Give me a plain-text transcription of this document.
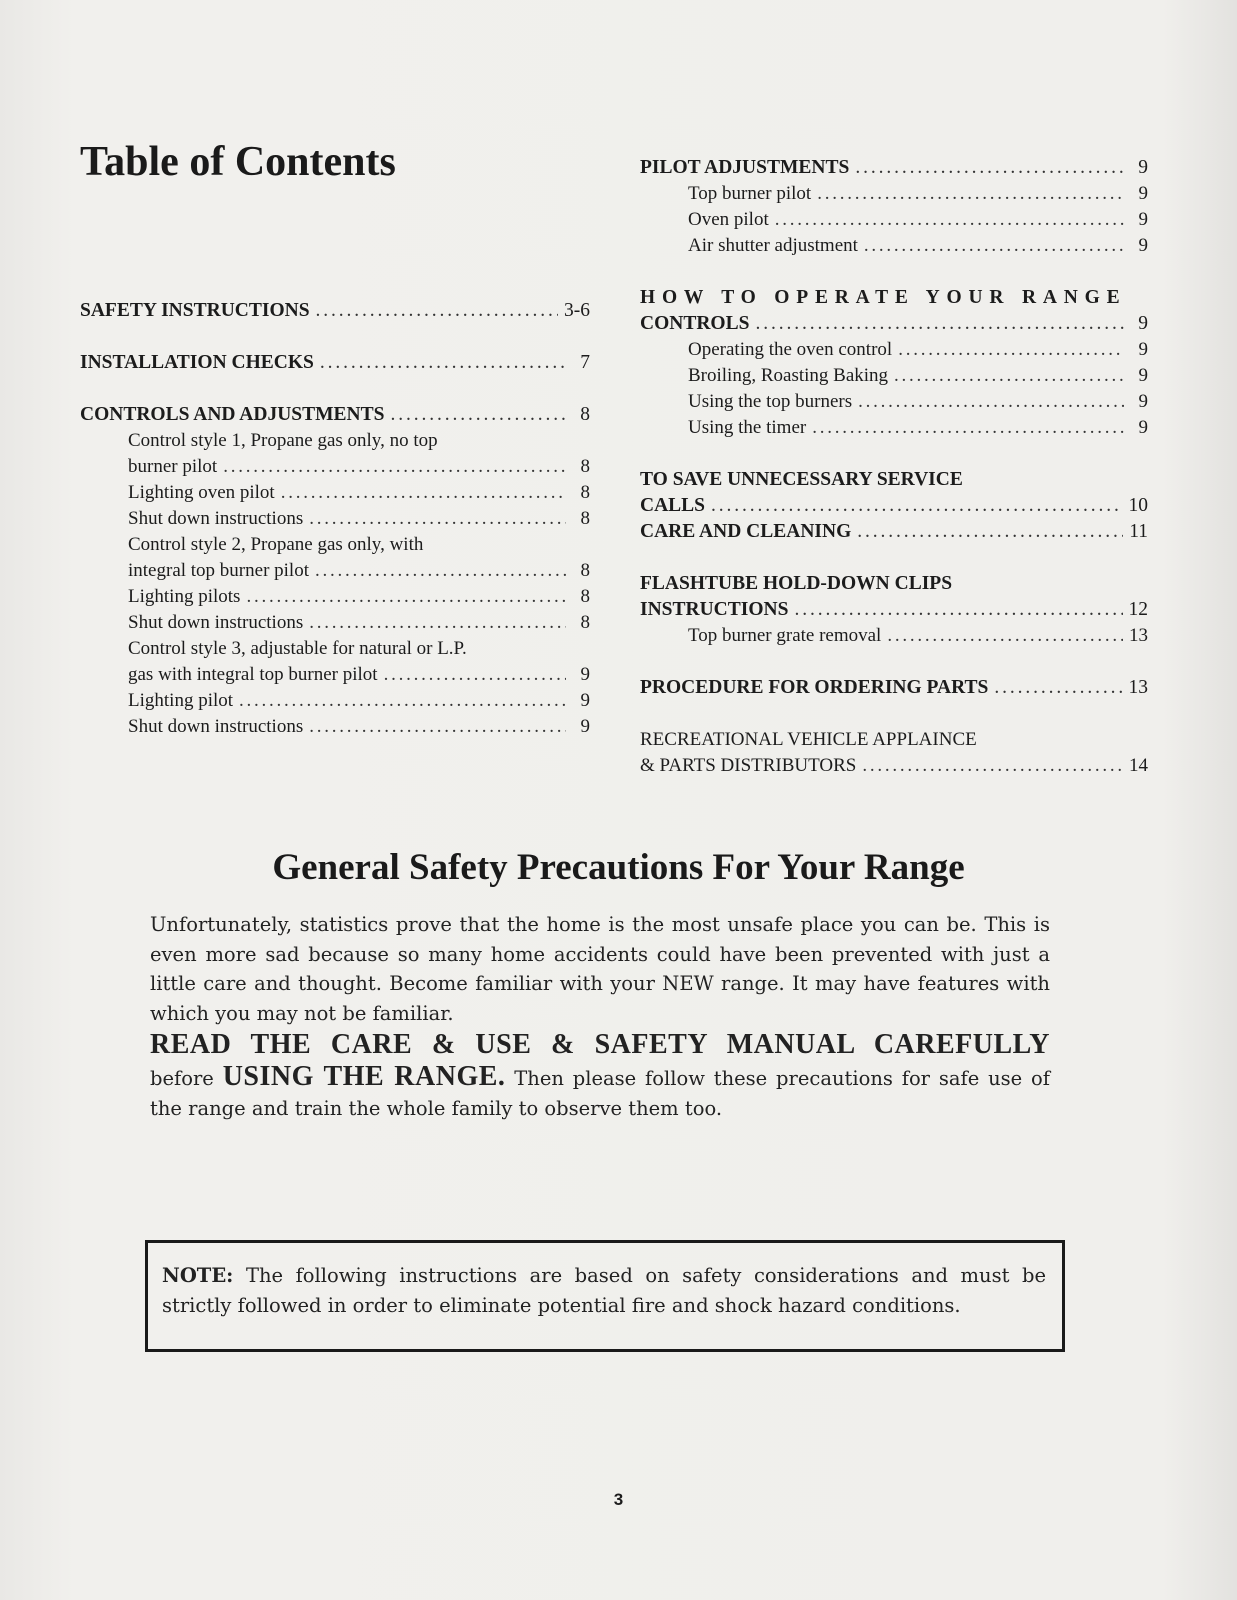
Table of Contents
SAFETY INSTRUCTIONS . . .	3-6
INSTALLATION CHECKS . . .	7
CONTROLS AND ADJUSTMENTS . . .	8
Control style 1, Propane gas only, no top
burner pilot . . .	8
Lighting oven pilot . . .	8
Shut down instructions . . .	8
Control style 2, Propane gas only, with
integral top burner pilot . . .	8
Lighting pilots . . .	8
Shut down instructions . . .	8
Control style 3, adjustable for natural or L.P.
gas with integral top burner pilot . . .	9
Lighting pilot . . .	9
Shut down instructions . . .	9
PILOT ADJUSTMENTS . . .	9
Top burner pilot . . .	9
Oven pilot . . .	9
Air shutter adjustment . . .	9
HOW TO OPERATE YOUR RANGE
CONTROLS . . .	9
Operating the oven control . . .	9
Broiling, Roasting Baking . . .	9
Using the top burners . . .	9
Using the timer . . .	9
TO SAVE UNNECESSARY SERVICE
CALLS . . .	10
CARE AND CLEANING . . .	11
FLASHTUBE HOLD-DOWN CLIPS
INSTRUCTIONS . . .	12
Top burner grate removal . . .	13
PROCEDURE FOR ORDERING PARTS . . .	13
RECREATIONAL VEHICLE APPLAINCE
& PARTS DISTRIBUTORS . . .	14
General Safety Precautions For Your Range

Unfortunately, statistics prove that the home is the most unsafe place you can be. This is even more sad because so many home accidents could have been prevented with just a little care and thought. Become familiar with your NEW range. It may have features with which you may not be familiar.

READ THE CARE & USE & SAFETY MANUAL CAREFULLY

before USING THE RANGE. Then please follow these precautions for safe use of the range and train the whole family to observe them too.

NOTE: The following instructions are based on safety considerations and must be strictly followed in order to eliminate potential fire and shock hazard conditions.

3
